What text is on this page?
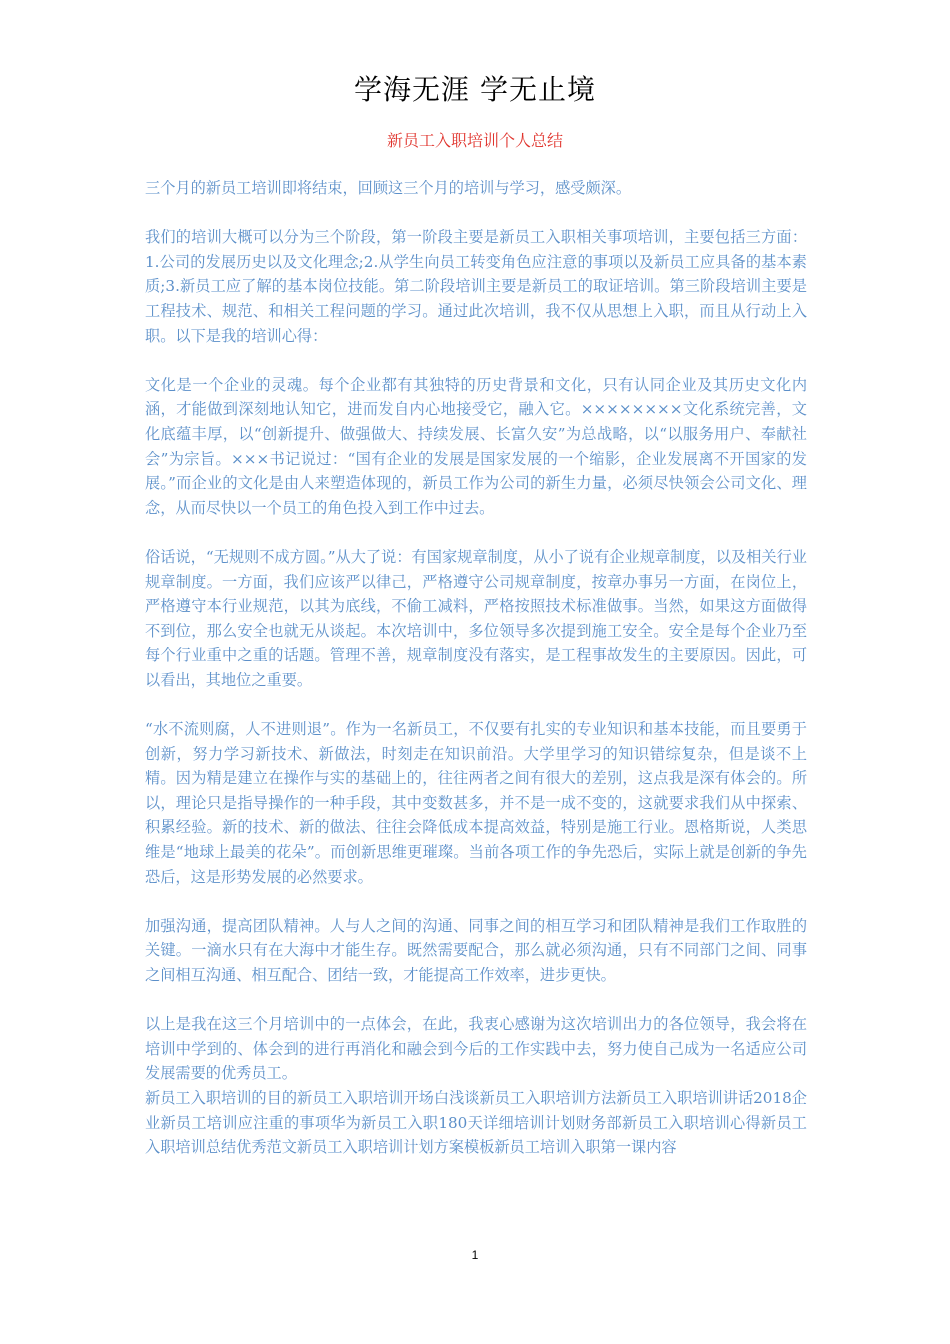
学海无涯 学无止境
新员工入职培训个人总结

三个月的新员工培训即将结束，回顾这三个月的培训与学习，感受颇深。

我们的培训大概可以分为三个阶段，第一阶段主要是新员工入职相关事项培训，主要包括三方面：1.公司的发展历史以及文化理念;2.从学生向员工转变角色应注意的事项以及新员工应具备的基本素质;3.新员工应了解的基本岗位技能。第二阶段培训主要是新员工的取证培训。第三阶段培训主要是工程技术、规范、和相关工程问题的学习。通过此次培训，我不仅从思想上入职，而且从行动上入职。以下是我的培训心得：

文化是一个企业的灵魂。每个企业都有其独特的历史背景和文化，只有认同企业及其历史文化内涵，才能做到深刻地认知它，进而发自内心地接受它，融入它。××××××××文化系统完善，文化底蕴丰厚，以“创新提升、做强做大、持续发展、长富久安”为总战略，以“以服务用户、奉献社会”为宗旨。×××书记说过：“国有企业的发展是国家发展的一个缩影，企业发展离不开国家的发展。”而企业的文化是由人来塑造体现的，新员工作为公司的新生力量，必须尽快领会公司文化、理念，从而尽快以一个员工的角色投入到工作中过去。

俗话说，“无规则不成方圆。”从大了说：有国家规章制度，从小了说有企业规章制度，以及相关行业规章制度。一方面，我们应该严以律己，严格遵守公司规章制度，按章办事另一方面，在岗位上，严格遵守本行业规范，以其为底线，不偷工减料，严格按照技术标准做事。当然，如果这方面做得不到位，那么安全也就无从谈起。本次培训中，多位领导多次提到施工安全。安全是每个企业乃至每个行业重中之重的话题。管理不善，规章制度没有落实，是工程事故发生的主要原因。因此，可以看出，其地位之重要。

“水不流则腐，人不进则退”。作为一名新员工，不仅要有扎实的专业知识和基本技能，而且要勇于创新，努力学习新技术、新做法，时刻走在知识前沿。大学里学习的知识错综复杂，但是谈不上精。因为精是建立在操作与实的基础上的，往往两者之间有很大的差别，这点我是深有体会的。所以，理论只是指导操作的一种手段，其中变数甚多，并不是一成不变的，这就要求我们从中探索、积累经验。新的技术、新的做法、往往会降低成本提高效益，特别是施工行业。恩格斯说，人类思维是“地球上最美的花朵”。而创新思维更璀璨。当前各项工作的争先恐后，实际上就是创新的争先恐后，这是形势发展的必然要求。

加强沟通，提高团队精神。人与人之间的沟通、同事之间的相互学习和团队精神是我们工作取胜的关键。一滴水只有在大海中才能生存。既然需要配合，那么就必须沟通，只有不同部门之间、同事之间相互沟通、相互配合、团结一致，才能提高工作效率，进步更快。

以上是我在这三个月培训中的一点体会，在此，我衷心感谢为这次培训出力的各位领导，我会将在培训中学到的、体会到的进行再消化和融会到今后的工作实践中去，努力使自己成为一名适应公司发展需要的优秀员工。

新员工入职培训的目的新员工入职培训开场白浅谈新员工入职培训方法新员工入职培训讲话2018企业新员工培训应注重的事项华为新员工入职180天详细培训计划财务部新员工入职培训心得新员工入职培训总结优秀范文新员工入职培训计划方案模板新员工培训入职第一课内容

1
